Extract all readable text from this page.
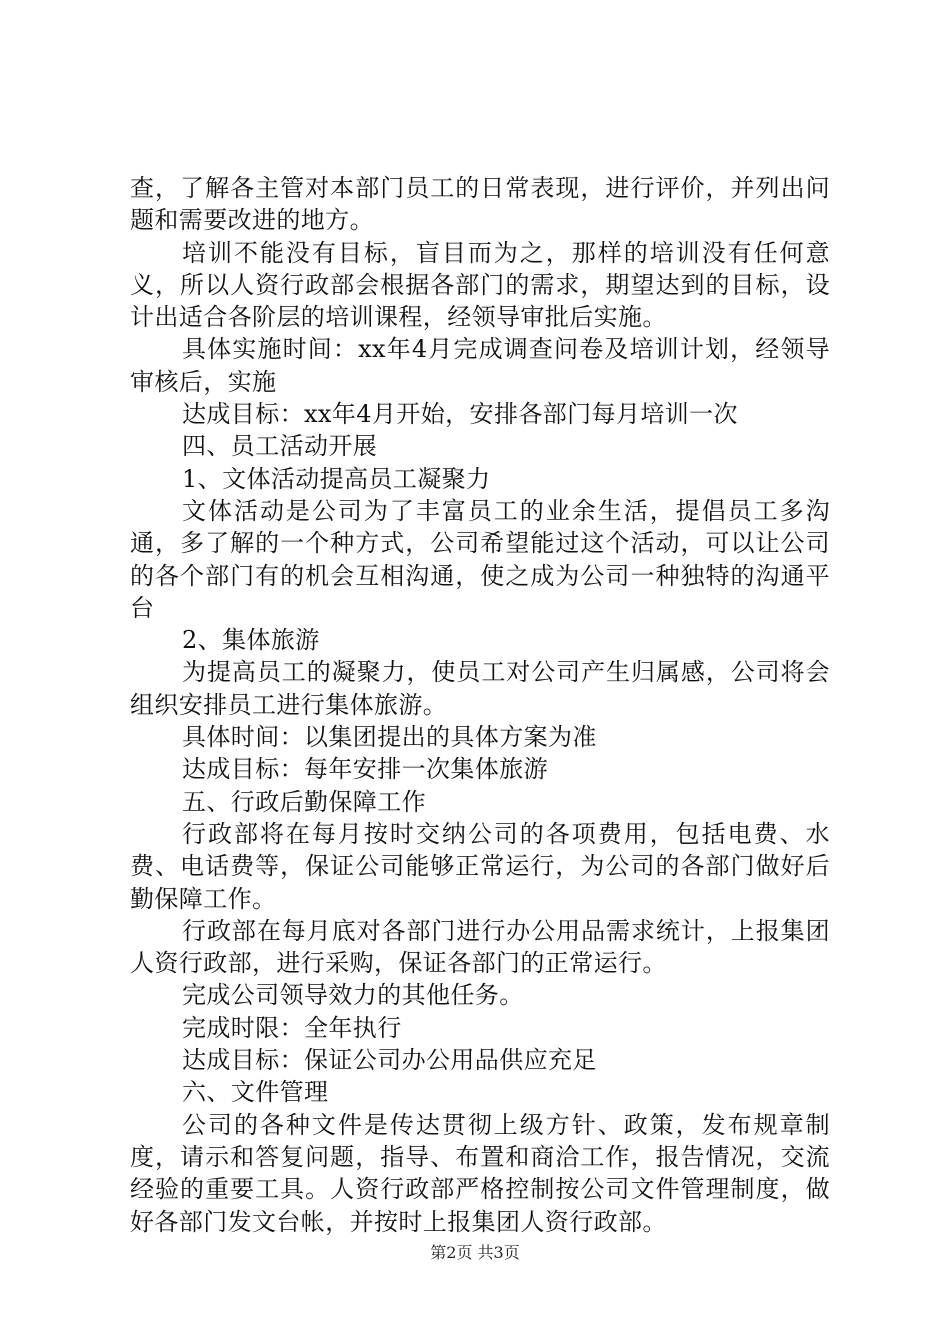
查，了解各主管对本部门员工的日常表现，进行评价，并列出问题和需要改进的地方。

培训不能没有目标，盲目而为之，那样的培训没有任何意义，所以人资行政部会根据各部门的需求，期望达到的目标，设计出适合各阶层的培训课程，经领导审批后实施。

具体实施时间：xx年4月完成调查问卷及培训计划，经领导审核后，实施

达成目标：xx年4月开始，安排各部门每月培训一次

四、员工活动开展

1、文体活动提高员工凝聚力

文体活动是公司为了丰富员工的业余生活，提倡员工多沟通，多了解的一个种方式，公司希望能过这个活动，可以让公司的各个部门有的机会互相沟通，使之成为公司一种独特的沟通平台

2、集体旅游

为提高员工的凝聚力，使员工对公司产生归属感，公司将会组织安排员工进行集体旅游。

具体时间：以集团提出的具体方案为准

达成目标：每年安排一次集体旅游

五、行政后勤保障工作

行政部将在每月按时交纳公司的各项费用，包括电费、水费、电话费等，保证公司能够正常运行，为公司的各部门做好后勤保障工作。

行政部在每月底对各部门进行办公用品需求统计，上报集团人资行政部，进行采购，保证各部门的正常运行。

完成公司领导效力的其他任务。

完成时限：全年执行

达成目标：保证公司办公用品供应充足

六、文件管理

公司的各种文件是传达贯彻上级方针、政策，发布规章制度，请示和答复问题，指导、布置和商洽工作，报告情况，交流经验的重要工具。人资行政部严格控制按公司文件管理制度，做好各部门发文台帐，并按时上报集团人资行政部。

第2页 共3页
